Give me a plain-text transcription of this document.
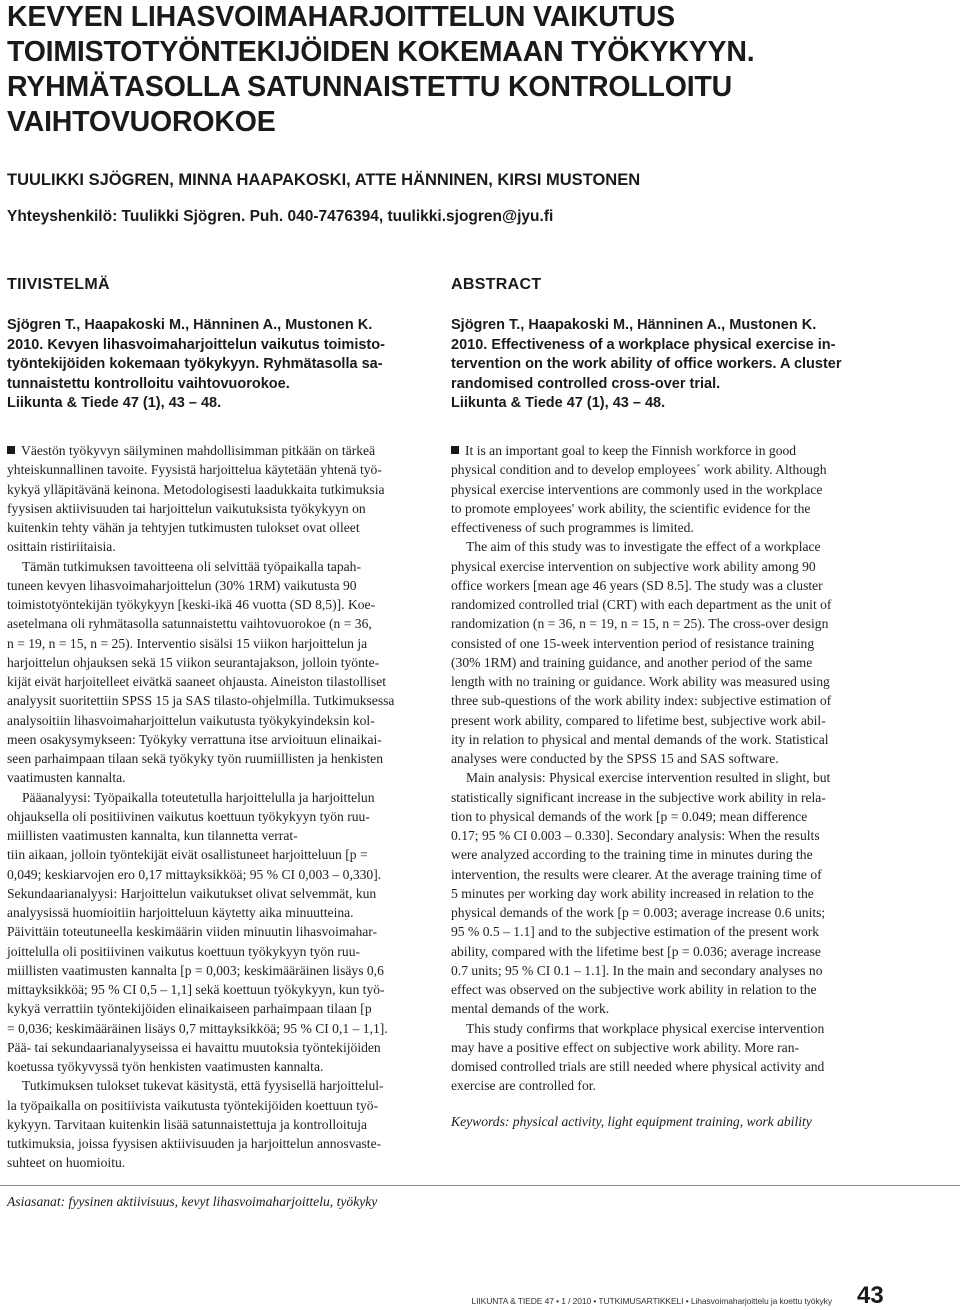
KEVYEN LIHASVOIMAHARJOITTELUN VAIKUTUS
TOIMISTOTYÖNTEKIJÖIDEN KOKEMAAN TYÖKYKYYN.
RYHMÄTASOLLA SATUNNAISTETTU KONTROLLOITU
VAIHTOVUOROKOE
TUULIKKI SJÖGREN, MINNA HAAPAKOSKI, ATTE HÄNNINEN, KIRSI MUSTONEN
Yhteyshenkilö: Tuulikki Sjögren. Puh. 040-7476394, tuulikki.sjogren@jyu.fi
TIIVISTELMÄ
Sjögren T., Haapakoski M., Hänninen A., Mustonen K.
2010. Kevyen lihasvoimaharjoittelun vaikutus toimisto-
työntekijöiden kokemaan työkykyyn. Ryhmätasolla sa-
tunnaistettu kontrolloitu vaihtovuorokoe.
Liikunta & Tiede 47 (1), 43 – 48.

Väestön työkyvyn säilyminen mahdollisimman pitkään on tärkeä
yhteiskunnallinen tavoite. Fyysistä harjoittelua käytetään yhtenä työ-
kykyä ylläpitävänä keinona. Metodologisesti laadukkaita tutkimuksia
fyysisen aktiivisuuden tai harjoittelun vaikutuksista työkykyyn on
kuitenkin tehty vähän ja tehtyjen tutkimusten tulokset ovat olleet
osittain ristiriitaisia.

Tämän tutkimuksen tavoitteena oli selvittää työpaikalla tapah-
tuneen kevyen lihasvoimaharjoittelun (30% 1RM) vaikutusta 90
toimistotyöntekijän työkykyyn [keski-ikä 46 vuotta (SD 8,5)]. Koe-
asetelmana oli ryhmätasolla satunnaistettu vaihtovuorokoe (n = 36,
n = 19, n = 15, n = 25). Interventio sisälsi 15 viikon harjoittelun ja
harjoittelun ohjauksen sekä 15 viikon seurantajakson, jolloin työnte-
kijät eivät harjoitelleet eivätkä saaneet ohjausta. Aineiston tilastolliset
analyysit suoritettiin SPSS 15 ja SAS tilasto-ohjelmilla. Tutkimuksessa
analysoitiin lihasvoimaharjoittelun vaikutusta työkykyindeksin kol-
meen osakysymykseen: Työkyky verrattuna itse arvioituun elinaikai-
seen parhaimpaan tilaan sekä työkyky työn ruumiillisten ja henkisten
vaatimusten kannalta.

Pääanalyysi: Työpaikalla toteutetulla harjoittelulla ja harjoittelun
ohjauksella oli positiivinen vaikutus koettuun työkykyyn työn ruu-
miillisten vaatimusten kannalta, kun tilannetta verrat-
tiin aikaan, jolloin työntekijät eivät osallistuneet harjoitteluun [p =
0,049; keskiarvojen ero 0,17 mittayksikköä; 95 % CI 0,003 – 0,330].
Sekundaarianalyysi: Harjoittelun vaikutukset olivat selvemmät, kun
analyysissä huomioitiin harjoitteluun käytetty aika minuutteina.
Päivittäin toteutuneella keskimäärin viiden minuutin lihasvoimahar-
joittelulla oli positiivinen vaikutus koettuun työkykyyn työn ruu-
miillisten vaatimusten kannalta [p = 0,003; keskimääräinen lisäys 0,6
mittayksikköä; 95 % CI 0,5 – 1,1] sekä koettuun työkykyyn, kun työ-
kykyä verrattiin työntekijöiden elinaikaiseen parhaimpaan tilaan [p
= 0,036; keskimääräinen lisäys 0,7 mittayksikköä; 95 % CI 0,1 – 1,1].
Pää- tai sekundaarianalyyseissa ei havaittu muutoksia työntekijöiden
koetussa työkyvyssä työn henkisten vaatimusten kannalta.

Tutkimuksen tulokset tukevat käsitystä, että fyysisellä harjoittelul-
la työpaikalla on positiivista vaikutusta työntekijöiden koettuun työ-
kykyyn. Tarvitaan kuitenkin lisää satunnaistettuja ja kontrolloituja
tutkimuksia, joissa fyysisen aktiivisuuden ja harjoittelun annosvaste-
suhteet on huomioitu.

ABSTRACT
Sjögren T., Haapakoski M., Hänninen A., Mustonen K.
2010. Effectiveness of a workplace physical exercise in-
tervention on the work ability of office workers. A cluster
randomised controlled cross-over trial.
Liikunta & Tiede 47 (1), 43 – 48.

It is an important goal to keep the Finnish workforce in good
physical condition and to develop employees´ work ability. Although
physical exercise interventions are commonly used in the workplace
to promote employees' work ability, the scientific evidence for the
effectiveness of such programmes is limited.

The aim of this study was to investigate the effect of a workplace
physical exercise intervention on subjective work ability among 90
office workers [mean age 46 years (SD 8.5]. The study was a cluster
randomized controlled trial (CRT) with each department as the unit of
randomization (n = 36, n = 19, n = 15, n = 25). The cross-over design
consisted of one 15-week intervention period of resistance training
(30% 1RM) and training guidance, and another period of the same
length with no training or guidance. Work ability was measured using
three sub-questions of the work ability index: subjective estimation of
present work ability, compared to lifetime best, subjective work abil-
ity in relation to physical and mental demands of the work. Statistical
analyses were conducted by the SPSS 15 and SAS software.

Main analysis: Physical exercise intervention resulted in slight, but
statistically significant increase in the subjective work ability in rela-
tion to physical demands of the work [p = 0.049; mean difference
0.17; 95 % CI 0.003 – 0.330]. Secondary analysis: When the results
were analyzed according to the training time in minutes during the
intervention, the results were clearer. At the average training time of
5 minutes per working day work ability increased in relation to the
physical demands of the work [p = 0.003; average increase 0.6 units;
95 % 0.5 – 1.1] and to the subjective estimation of the present work
ability, compared with the lifetime best [p = 0.036; average increase
0.7 units; 95 % CI 0.1 – 1.1]. In the main and secondary analyses no
effect was observed on the subjective work ability in relation to the
mental demands of the work.

This study confirms that workplace physical exercise intervention
may have a positive effect on subjective work ability. More ran-
domised controlled trials are still needed where physical activity and
exercise are controlled for.

Keywords: physical activity, light equipment training, work ability
Asiasanat: fyysinen aktiivisuus, kevyt lihasvoimaharjoittelu, työkyky
LIIKUNTA & TIEDE 47 • 1 / 2010 • TUTKIMUSARTIKKELI • Lihasvoimaharjoittelu ja koettu työkyky 43
